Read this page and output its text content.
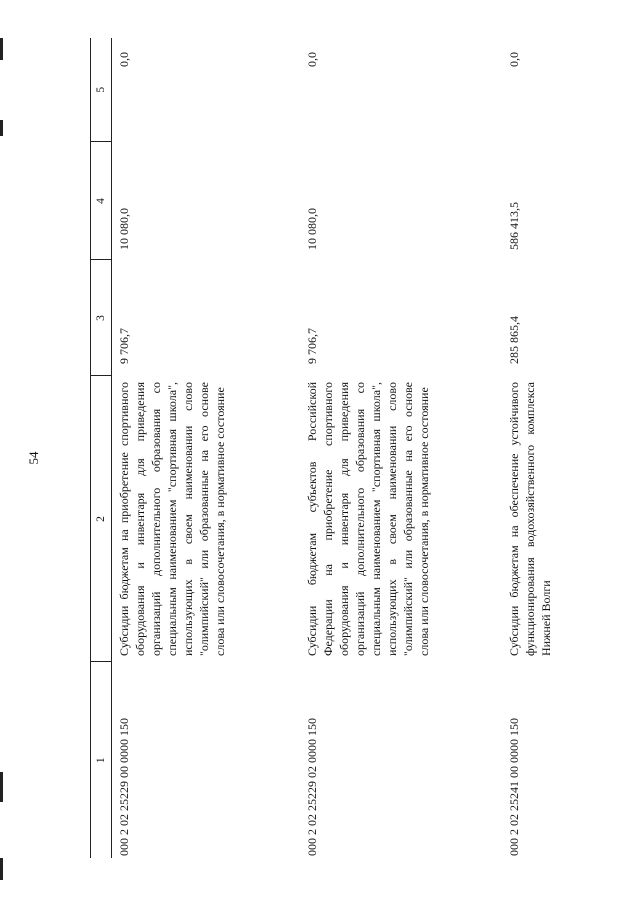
54
1	2	3	4	5
000 2 02 25229 00 0000 150	Субсидии бюджетам на приобретение спортивного оборудования и инвентаря для приведения организаций дополнительного образования со специальным наименованием "спортивная школа", использующих в своем наименовании слово "олимпийский" или образованные на его основе слова или словосочетания, в нормативное состояние	9 706,7	10 080,0	0,0
000 2 02 25229 02 0000 150	Субсидии бюджетам субъектов Российской Федерации на приобретение спортивного оборудования и инвентаря для приведения организаций дополнительного образования со специальным наименованием "спортивная школа", использующих в своем наименовании слово "олимпийский" или образованные на его основе слова или словосочетания, в нормативное состояние	9 706,7	10 080,0	0,0
000 2 02 25241 00 0000 150	Субсидии бюджетам на обеспечение устойчивого функционирования водохозяйственного комплекса Нижней Волги	285 865,4	586 413,5	0,0
